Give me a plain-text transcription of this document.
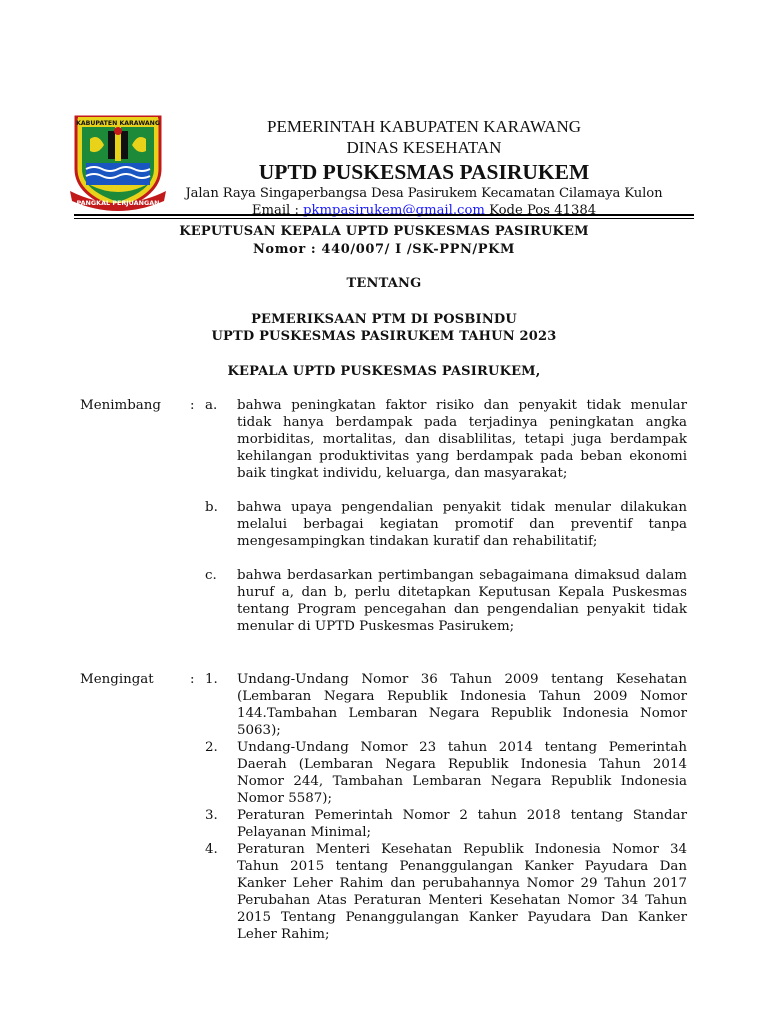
KABUPATEN KARAWANG
PANGKAL PERJUANGAN
PEMERINTAH KABUPATEN KARAWANG
DINAS KESEHATAN
UPTD PUSKESMAS PASIRUKEM
Jalan Raya Singaperbangsa Desa Pasirukem Kecamatan Cilamaya Kulon
Email : pkmpasirukem@gmail.com Kode Pos 41384
KEPUTUSAN KEPALA UPTD PUSKESMAS PASIRUKEM
Nomor : 440/007/ I /SK-PPN/PKM
TENTANG
PEMERIKSAAN PTM DI POSBINDU
UPTD PUSKESMAS PASIRUKEM TAHUN 2023
KEPALA UPTD PUSKESMAS PASIRUKEM,
Menimbang : a. bahwa peningkatan faktor risiko dan penyakit tidak menular tidak hanya berdampak pada terjadinya peningkatan angka morbiditas, mortalitas, dan disablilitas, tetapi juga berdampak kehilangan produktivitas yang berdampak pada beban ekonomi baik tingkat individu, keluarga, dan masyarakat;
b. bahwa upaya pengendalian penyakit tidak menular dilakukan melalui berbagai kegiatan promotif dan preventif tanpa mengesampingkan tindakan kuratif dan rehabilitatif;
c. bahwa berdasarkan pertimbangan sebagaimana dimaksud dalam huruf a, dan b, perlu ditetapkan Keputusan Kepala Puskesmas tentang Program pencegahan dan pengendalian penyakit tidak menular di UPTD Puskesmas Pasirukem;
Mengingat	: 1. Undang-Undang Nomor 36 Tahun 2009 tentang Kesehatan (Lembaran Negara Republik Indonesia Tahun 2009 Nomor 144.Tambahan Lembaran Negara Republik Indonesia Nomor 5063);
2. Undang-Undang Nomor 23 tahun 2014 tentang Pemerintah Daerah (Lembaran Negara Republik Indonesia Tahun 2014 Nomor 244, Tambahan Lembaran Negara Republik Indonesia Nomor 5587);
3. Peraturan Pemerintah Nomor 2 tahun 2018 tentang Standar Pelayanan Minimal;
4. Peraturan Menteri Kesehatan Republik Indonesia Nomor 34 Tahun 2015 tentang Penanggulangan Kanker Payudara Dan Kanker Leher Rahim dan perubahannya Nomor 29 Tahun 2017 Perubahan Atas Peraturan Menteri Kesehatan Nomor 34 Tahun 2015 Tentang Penanggulangan Kanker Payudara Dan Kanker Leher Rahim;
